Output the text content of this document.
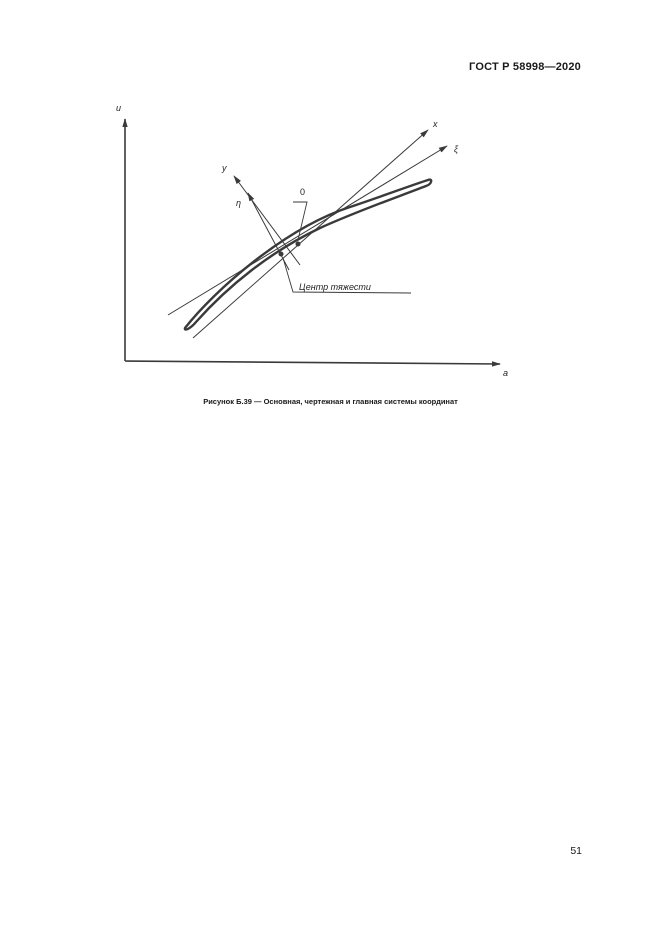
ГОСТ Р 58998—2020
u
a
x
ξ
y
η
0
Центр тяжести
Рисунок Б.39 — Основная, чертежная и главная системы координат
51
